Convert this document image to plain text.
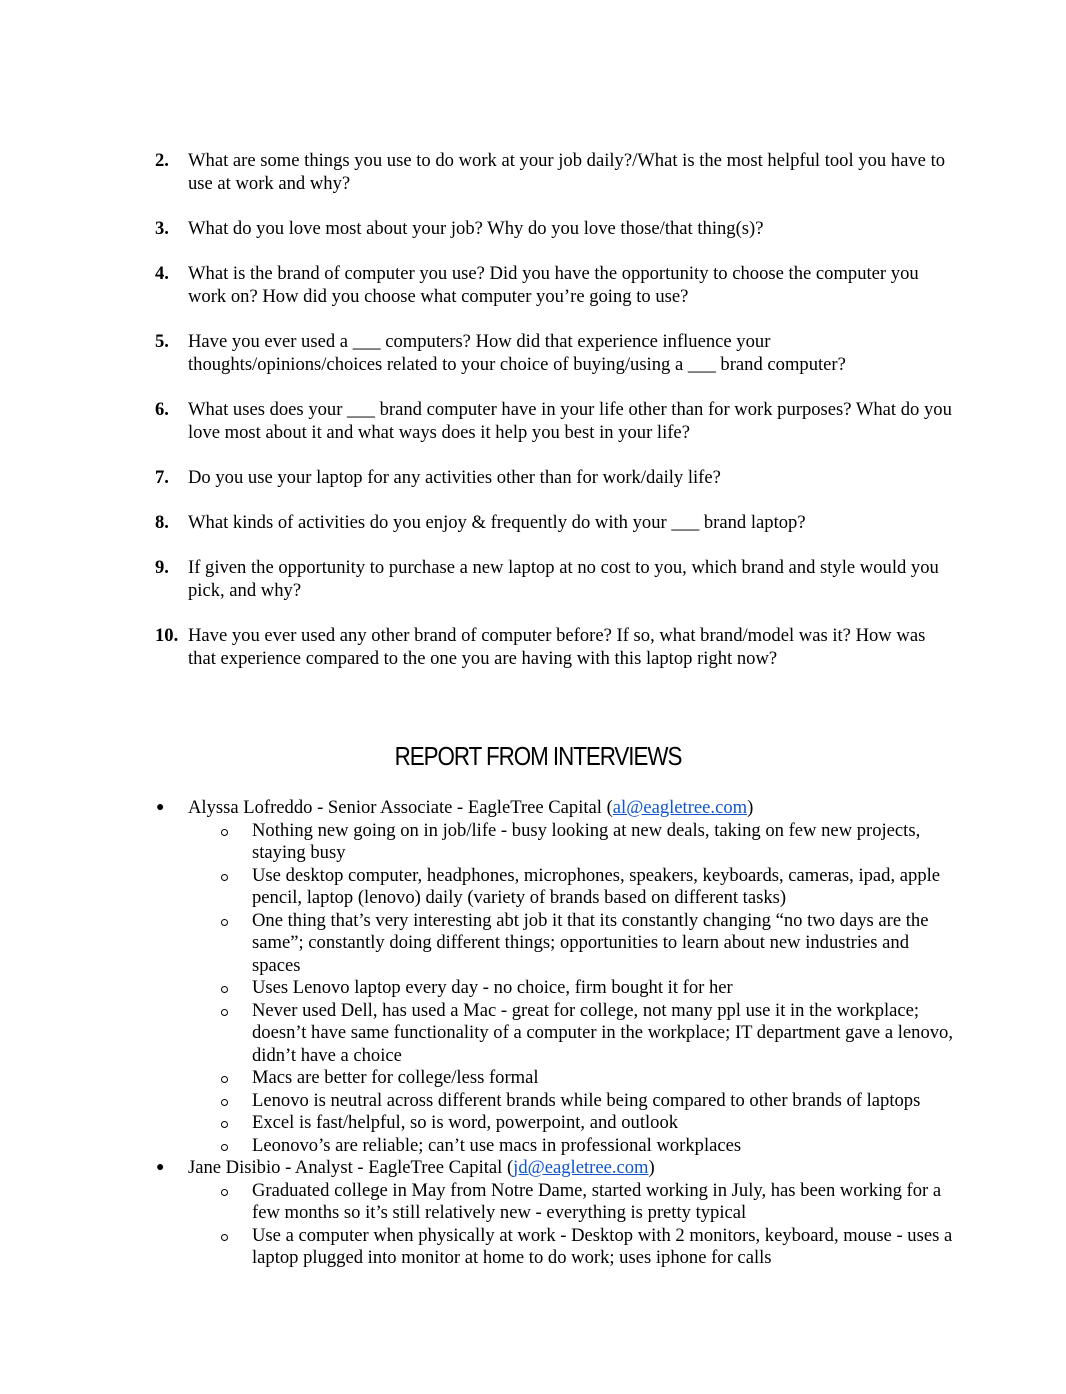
2. What are some things you use to do work at your job daily?/What is the most helpful tool you have to use at work and why?
3. What do you love most about your job? Why do you love those/that thing(s)?
4. What is the brand of computer you use? Did you have the opportunity to choose the computer you work on? How did you choose what computer you’re going to use?
5. Have you ever used a ___ computers? How did that experience influence your thoughts/opinions/choices related to your choice of buying/using a ___ brand computer?
6. What uses does your ___ brand computer have in your life other than for work purposes? What do you love most about it and what ways does it help you best in your life?
7. Do you use your laptop for any activities other than for work/daily life?
8. What kinds of activities do you enjoy & frequently do with your ___ brand laptop?
9. If given the opportunity to purchase a new laptop at no cost to you, which brand and style would you pick, and why?
10. Have you ever used any other brand of computer before? If so, what brand/model was it? How was that experience compared to the one you are having with this laptop right now?
REPORT FROM INTERVIEWS
● Alyssa Lofreddo - Senior Associate - EagleTree Capital (al@eagletree.com)
Nothing new going on in job/life - busy looking at new deals, taking on few new projects, staying busy
Use desktop computer, headphones, microphones, speakers, keyboards, cameras, ipad, apple pencil, laptop (lenovo) daily (variety of brands based on different tasks)
One thing that’s very interesting abt job it that its constantly changing “no two days are the same”; constantly doing different things; opportunities to learn about new industries and spaces
Uses Lenovo laptop every day - no choice, firm bought it for her
Never used Dell, has used a Mac - great for college, not many ppl use it in the workplace; doesn’t have same functionality of a computer in the workplace; IT department gave a lenovo, didn’t have a choice
Macs are better for college/less formal
Lenovo is neutral across different brands while being compared to other brands of laptops
Excel is fast/helpful, so is word, powerpoint, and outlook
Leonovo’s are reliable; can’t use macs in professional workplaces
● Jane Disibio - Analyst - EagleTree Capital (jd@eagletree.com)
Graduated college in May from Notre Dame, started working in July, has been working for a few months so it’s still relatively new - everything is pretty typical
Use a computer when physically at work - Desktop with 2 monitors, keyboard, mouse - uses a laptop plugged into monitor at home to do work; uses iphone for calls
